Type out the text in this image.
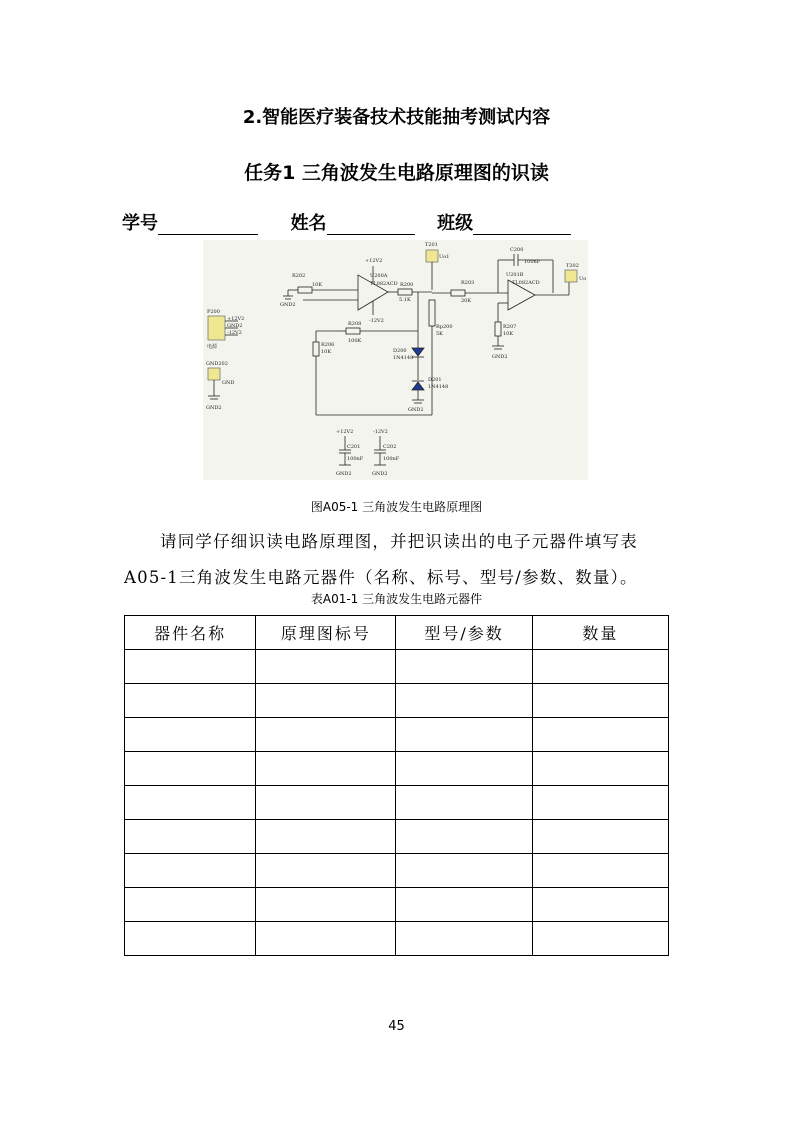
2.智能医疗装备技术技能抽考测试内容
任务1 三角波发生电路原理图的识读
学号	姓名	班级
T201
Uo1
C200
100nF
U201B
TL082ACD
T202
Uo
R202
10K
GND2
+12V2
U200A
TL082ACD R200
5.1K
R203
20K
-12V2
P200
+12V2
GND2
-12V2
电源
R208
100K
Rp200
5K
R207
10K
GND2
R206
10K	D200
1N4148
GND202
GND
GND2
D201
1N4148
GND2
+12V2	-12V2
C201
100nF
C202
100nF
GND2	GND2
图A05-1 三角波发生电路原理图
请同学仔细识读电路原理图，并把识读出的电子元器件填写表
A05-1三角波发生电路元器件（名称、标号、型号/参数、数量）。
表A01-1 三角波发生电路元器件
器件名称	原理图标号	型号/参数	数量

45
